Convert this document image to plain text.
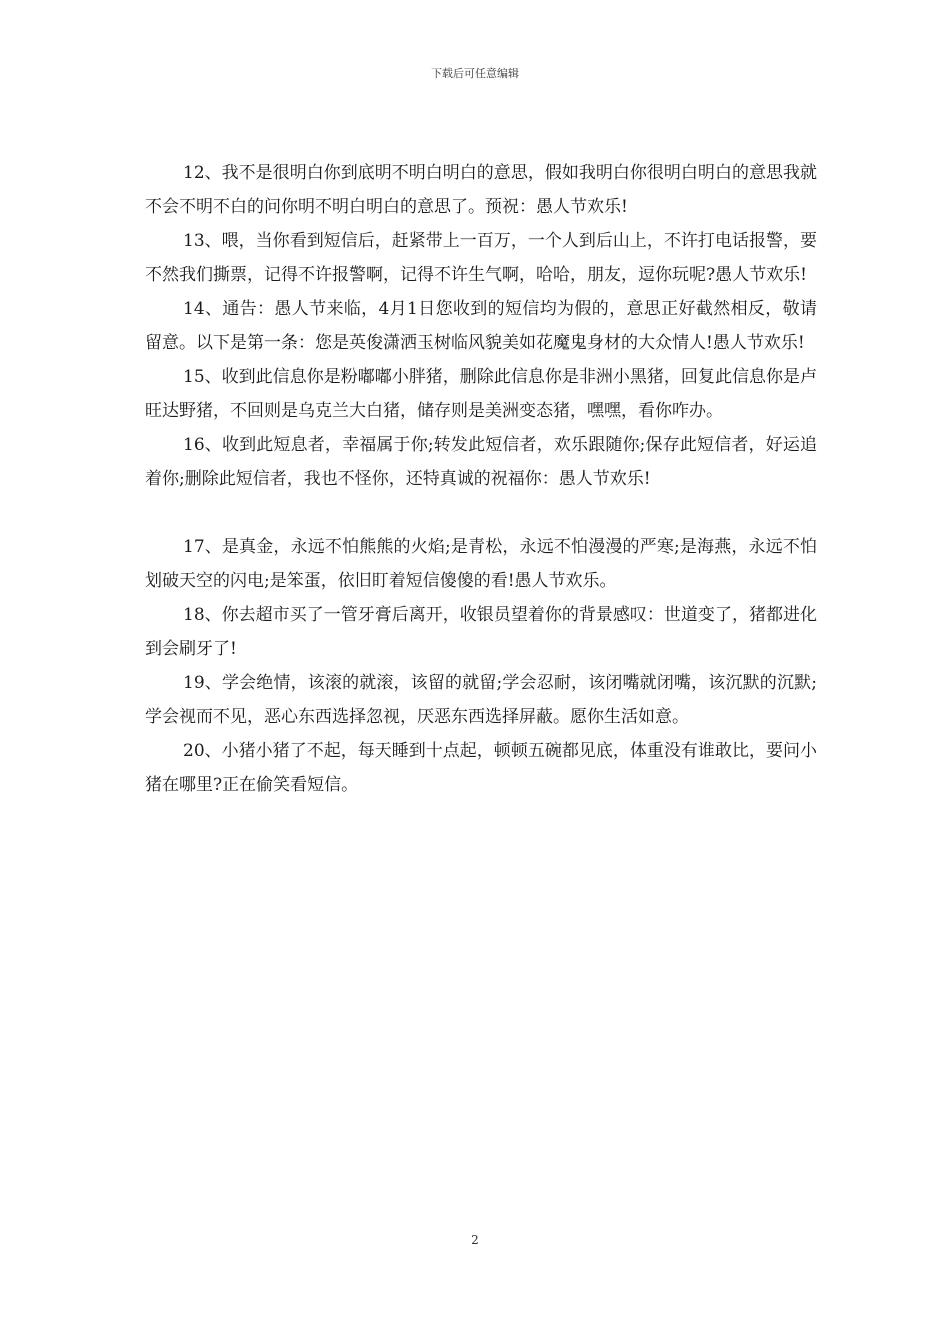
下载后可任意编辑

12、我不是很明白你到底明不明白明白的意思，假如我明白你很明白明白的意思我就不会不明不白的问你明不明白明白的意思了。预祝：愚人节欢乐!

13、喂，当你看到短信后，赶紧带上一百万，一个人到后山上，不许打电话报警，要不然我们撕票，记得不许报警啊，记得不许生气啊，哈哈，朋友，逗你玩呢?愚人节欢乐!

14、通告：愚人节来临，4月1日您收到的短信均为假的，意思正好截然相反，敬请留意。以下是第一条：您是英俊潇洒玉树临风貌美如花魔鬼身材的大众情人!愚人节欢乐!

15、收到此信息你是粉嘟嘟小胖猪，删除此信息你是非洲小黑猪，回复此信息你是卢旺达野猪，不回则是乌克兰大白猪，储存则是美洲变态猪，嘿嘿，看你咋办。

16、收到此短息者，幸福属于你;转发此短信者，欢乐跟随你;保存此短信者，好运追着你;删除此短信者，我也不怪你，还特真诚的祝福你：愚人节欢乐!

17、是真金，永远不怕熊熊的火焰;是青松，永远不怕漫漫的严寒;是海燕，永远不怕划破天空的闪电;是笨蛋，依旧盯着短信傻傻的看!愚人节欢乐。

18、你去超市买了一管牙膏后离开，收银员望着你的背景感叹：世道变了，猪都进化到会刷牙了!

19、学会绝情，该滚的就滚，该留的就留;学会忍耐，该闭嘴就闭嘴，该沉默的沉默;学会视而不见，恶心东西选择忽视，厌恶东西选择屏蔽。愿你生活如意。

20、小猪小猪了不起，每天睡到十点起，顿顿五碗都见底，体重没有谁敢比，要问小猪在哪里?正在偷笑看短信。

2
